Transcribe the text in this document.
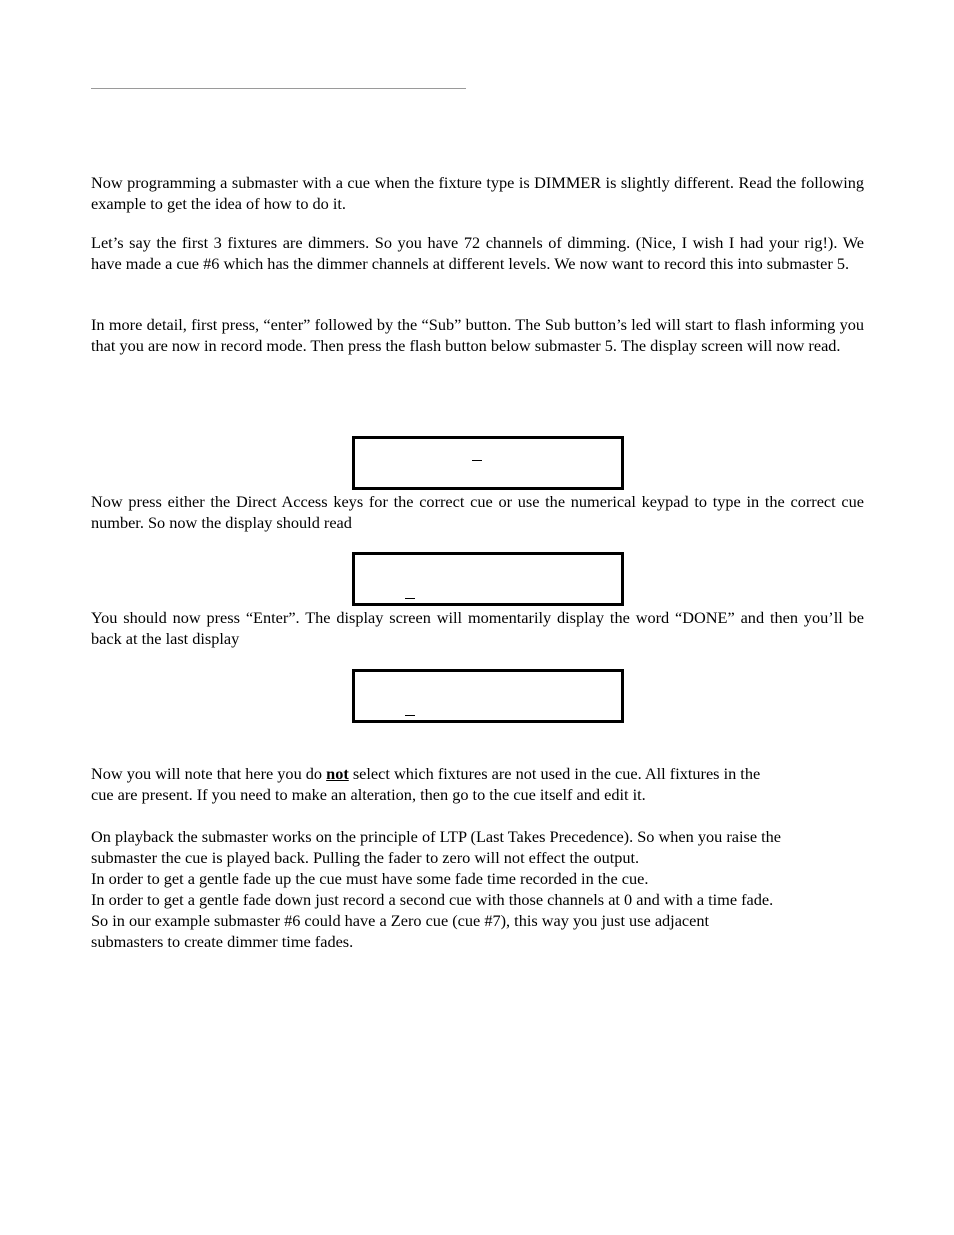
Now programming a submaster with a cue when the fixture type is DIMMER is slightly different. Read the following example to get the idea of how to do it.

Let’s say the first 3 fixtures are dimmers. So you have 72 channels of dimming. (Nice, I wish I had your rig!). We have made a cue #6 which has the dimmer channels at different levels. We now want to record this into submaster 5.

In more detail, first press, “enter” followed by the “Sub” button. The Sub button’s led will start to flash informing you that you are now in record mode. Then press the flash button below submaster 5. The display screen will now read.

Now press either the Direct Access keys for the correct cue or use the numerical keypad to type in the correct cue number. So now the display should read

You should now press “Enter”. The display screen will momentarily display the word “DONE” and then you’ll be back at the last display

Now you will note that here you do not select which fixtures are not used in the cue. All fixtures in the
cue are present. If you need to make an alteration, then go to the cue itself and edit it.
On playback the submaster works on the principle of LTP (Last Takes Precedence). So when you raise the
submaster the cue is played back. Pulling the fader to zero will not effect the output.
In order to get a gentle fade up the cue must have some fade time recorded in the cue.
In order to get a gentle fade down just record a second cue with those channels at 0 and with a time fade.
So in our example submaster #6 could have a Zero cue (cue #7), this way you just use adjacent
submasters to create dimmer time fades.
